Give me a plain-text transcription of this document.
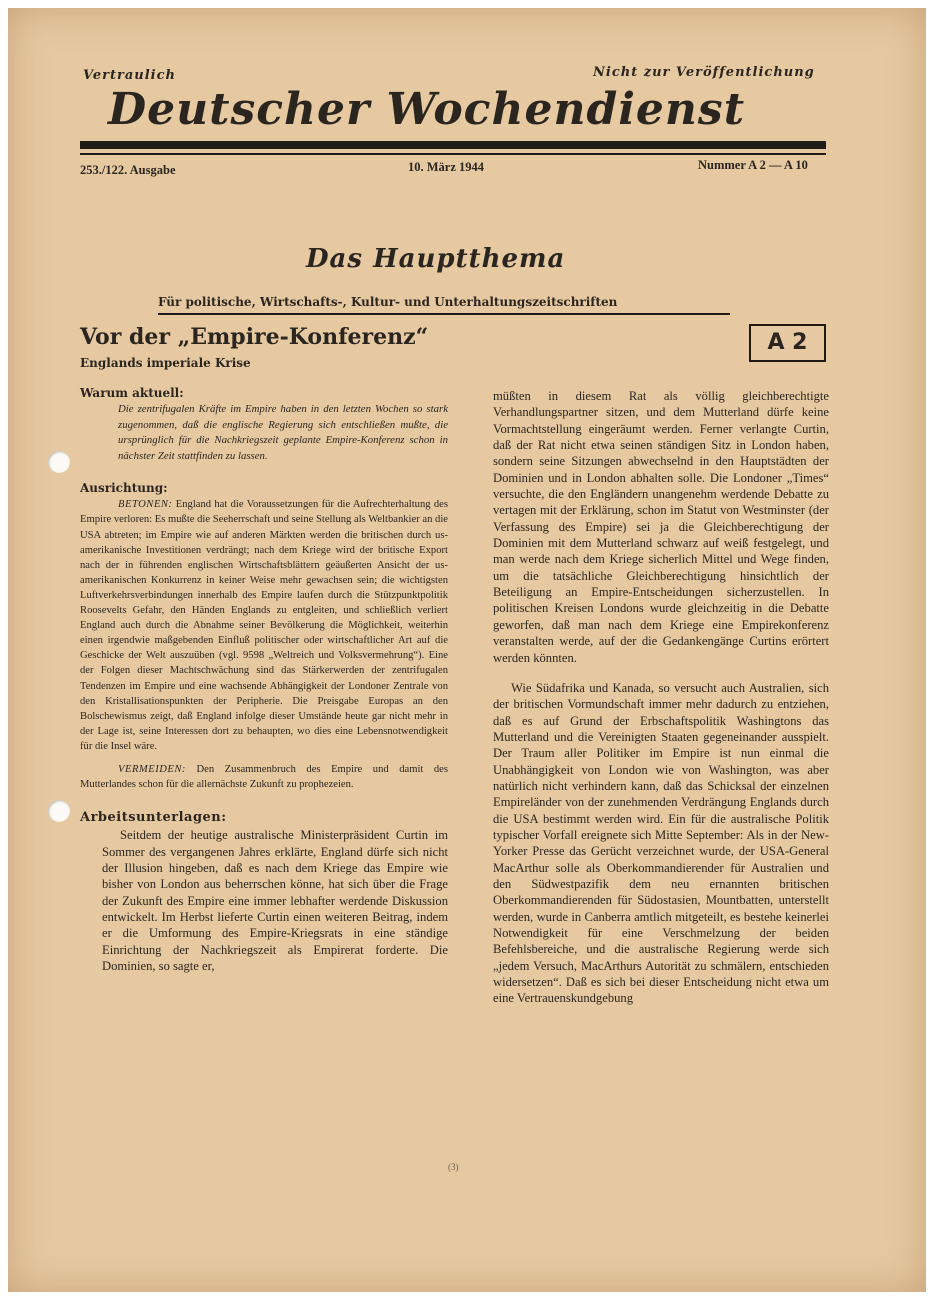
Vertraulich	Nicht zur Veröffentlichung
Deutscher Wochendienst
253./122. Ausgabe	10. März 1944	Nummer A 2 — A 10
Das Hauptthema
Für politische, Wirtschafts-, Kultur- und Unterhaltungszeitschriften
Vor der „Empire-Konferenz“
Englands imperiale Krise
A 2
Warum aktuell:
Die zentrifugalen Kräfte im Empire haben in den letzten Wochen so stark zugenommen, daß die englische Regierung sich entschließen mußte, die ursprünglich für die Nachkriegszeit geplante Empire-Konferenz schon in nächster Zeit stattfinden zu lassen.
Ausrichtung:
BETONEN: England hat die Voraussetzungen für die Aufrechterhaltung des Empire verloren: Es mußte die Seeherrschaft und seine Stellung als Weltbankier an die USA abtreten; im Empire wie auf anderen Märkten werden die britischen durch us-amerikanische Investitionen verdrängt; nach dem Kriege wird der britische Export nach der in führenden englischen Wirtschaftsblättern geäußerten Ansicht der us-amerikanischen Konkurrenz in keiner Weise mehr gewachsen sein; die wichtigsten Luftverkehrsverbindungen innerhalb des Empire laufen durch die Stützpunktpolitik Roosevelts Gefahr, den Händen Englands zu entgleiten, und schließlich verliert England auch durch die Abnahme seiner Bevölkerung die Möglichkeit, weiterhin einen irgendwie maßgebenden Einfluß politischer oder wirtschaftlicher Art auf die Geschicke der Welt auszuüben (vgl. 9598 „Weltreich und Volksvermehrung“). Eine der Folgen dieser Machtschwächung sind das Stärkerwerden der zentrifugalen Tendenzen im Empire und eine wachsende Abhängigkeit der Londoner Zentrale von den Kristallisationspunkten der Peripherie. Die Preisgabe Europas an den Bolschewismus zeigt, daß England infolge dieser Umstände heute gar nicht mehr in der Lage ist, seine Interessen dort zu behaupten, wo dies eine Lebensnotwendigkeit für die Insel wäre.
VERMEIDEN: Den Zusammenbruch des Empire und damit des Mutterlandes schon für die allernächste Zukunft zu prophezeien.
Arbeitsunterlagen:
Seitdem der heutige australische Ministerpräsident Curtin im Sommer des vergangenen Jahres erklärte, England dürfe sich nicht der Illusion hingeben, daß es nach dem Kriege das Empire wie bisher von London aus beherrschen könne, hat sich über die Frage der Zukunft des Empire eine immer lebhafter werdende Diskussion entwickelt. Im Herbst lieferte Curtin einen weiteren Beitrag, indem er die Umformung des Empire-Kriegsrats in eine ständige Einrichtung der Nachkriegszeit als Empirerat forderte. Die Dominien, so sagte er,
müßten in diesem Rat als völlig gleichberechtigte Verhandlungspartner sitzen, und dem Mutterland dürfe keine Vormachtstellung eingeräumt werden. Ferner verlangte Curtin, daß der Rat nicht etwa seinen ständigen Sitz in London haben, sondern seine Sitzungen abwechselnd in den Hauptstädten der Dominien und in London abhalten solle. Die Londoner „Times“ versuchte, die den Engländern unangenehm werdende Debatte zu vertagen mit der Erklärung, schon im Statut von Westminster (der Verfassung des Empire) sei ja die Gleichberechtigung der Dominien mit dem Mutterland schwarz auf weiß festgelegt, und man werde nach dem Kriege sicherlich Mittel und Wege finden, um die tatsächliche Gleichberechtigung hinsichtlich der Beteiligung an Empire-Entscheidungen sicherzustellen. In politischen Kreisen Londons wurde gleichzeitig in die Debatte geworfen, daß man nach dem Kriege eine Empirekonferenz veranstalten werde, auf der die Gedankengänge Curtins erörtert werden könnten.
Wie Südafrika und Kanada, so versucht auch Australien, sich der britischen Vormundschaft immer mehr dadurch zu entziehen, daß es auf Grund der Erbschaftspolitik Washingtons das Mutterland und die Vereinigten Staaten gegeneinander ausspielt. Der Traum aller Politiker im Empire ist nun einmal die Unabhängigkeit von London wie von Washington, was aber natürlich nicht verhindern kann, daß das Schicksal der einzelnen Empireländer von der zunehmenden Verdrängung Englands durch die USA bestimmt werden wird. Ein für die australische Politik typischer Vorfall ereignete sich Mitte September: Als in der New-Yorker Presse das Gerücht verzeichnet wurde, der USA-General MacArthur solle als Oberkommandierender für Australien und den Südwestpazifik dem neu ernannten britischen Oberkommandierenden für Südostasien, Mountbatten, unterstellt werden, wurde in Canberra amtlich mitgeteilt, es bestehe keinerlei Notwendigkeit für eine Verschmelzung der beiden Befehlsbereiche, und die australische Regierung werde sich „jedem Versuch, MacArthurs Autorität zu schmälern, entschieden widersetzen“. Daß es sich bei dieser Entscheidung nicht etwa um eine Vertrauenskundgebung
(3)
